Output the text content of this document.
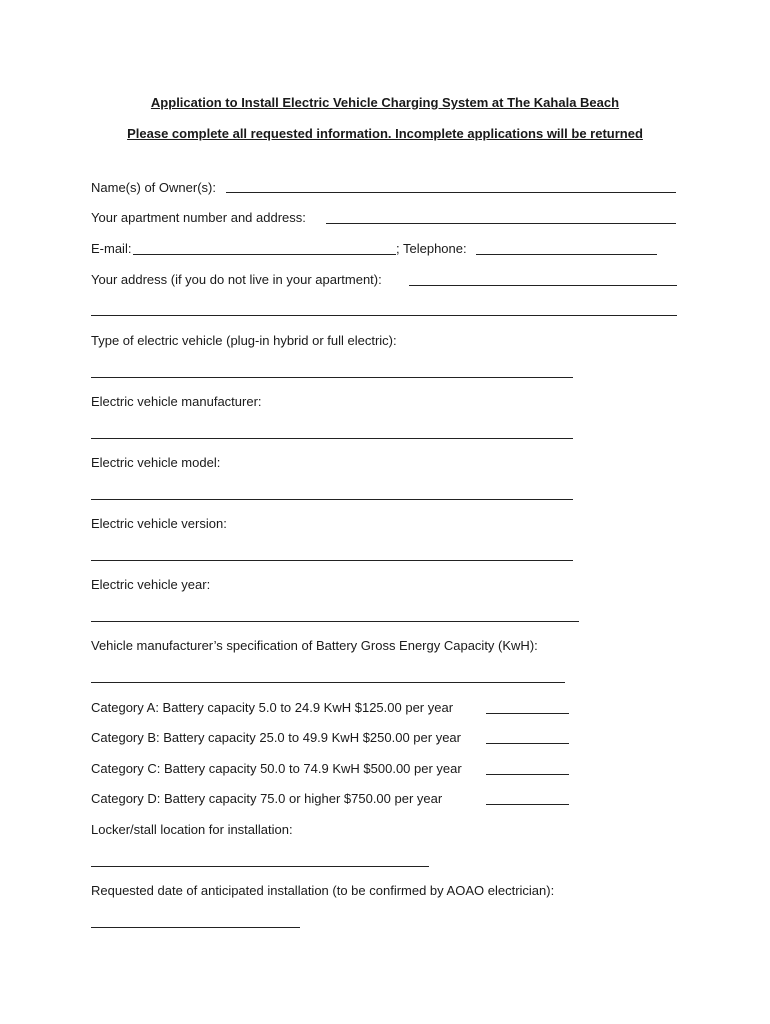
Application to Install Electric Vehicle Charging System at The Kahala Beach
Please complete all requested information. Incomplete applications will be returned
Name(s) of Owner(s):
Your apartment number and address:
E-mail:	; Telephone:
Your address (if you do not live in your apartment):
Type of electric vehicle (plug-in hybrid or full electric):
Electric vehicle manufacturer:
Electric vehicle model:
Electric vehicle version:
Electric vehicle year:
Vehicle manufacturer’s specification of Battery Gross Energy Capacity (KwH):
Category A: Battery capacity 5.0 to 24.9 KwH $125.00 per year
Category B: Battery capacity 25.0 to 49.9 KwH $250.00 per year
Category C: Battery capacity 50.0 to 74.9 KwH $500.00 per year
Category D: Battery capacity 75.0 or higher $750.00 per year
Locker/stall location for installation:
Requested date of anticipated installation (to be confirmed by AOAO electrician):
